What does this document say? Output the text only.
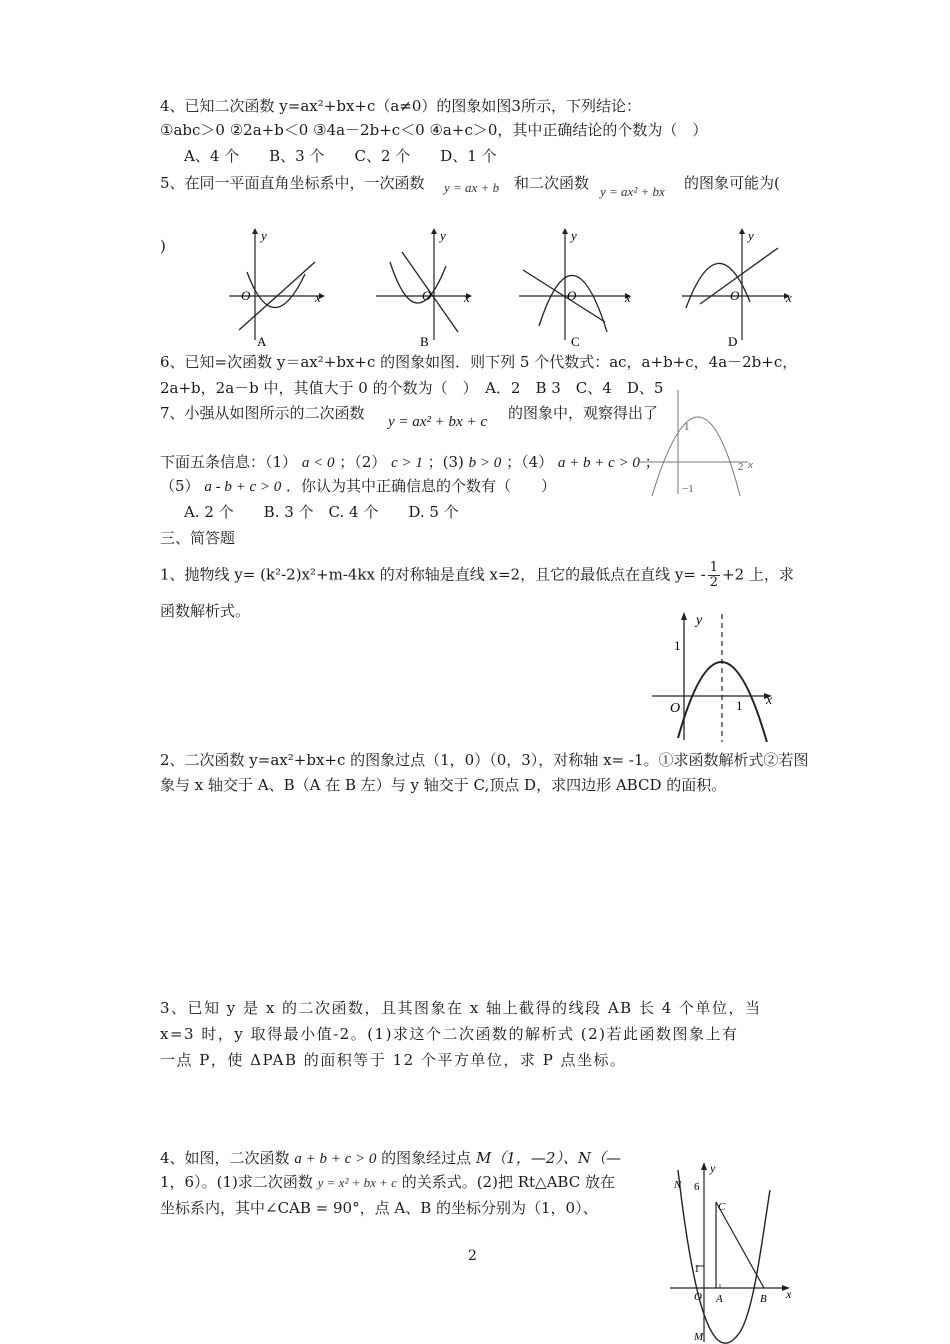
4、已知二次函数 y=ax²+bx+c（a≠0）的图象如图3所示，下列结论：
①abc＞0 ②2a+b＜0 ③4a－2b+c＜0 ④a+c＞0，其中正确结论的个数为（　）
A、4 个　　B、3 个　　C、2 个　　D、1 个
5、在同一平面直角坐标系中，一次函数 y = ax + b 和二次函数 y = ax² + bx 的图象可能为(
)
y
x
O
A
y
x
O
B
y
x
O
C
y
x
O
D
6、已知=次函数 y＝ax²+bx+c 的图象如图．则下列 5 个代数式：ac，a+b+c，4a－2b+c，
2a+b，2a－b 中，其值大于 0 的个数为（　）　A．2　B 3　C、4　D、5
1
−1
2 x
7、小强从如图所示的二次函数 y = ax² + bx + c 的图象中，观察得出了
下面五条信息：（1） a < 0 ；（2） c > 1 ；(3) b > 0 ；（4） a + b + c > 0 ；
（5） a - b + c > 0 ．你认为其中正确信息的个数有（　　）
A. 2 个　　B. 3 个　C. 4 个　　D. 5 个
三、简答题
1、抛物线 y= (k²-2)x²+m-4kx 的对称轴是直线 x=2，且它的最低点在直线 $y= - \frac{1}{2} +2$ 上，求
函数解析式。
y
x
O
1
1
2、二次函数 y=ax²+bx+c 的图象过点（1，0）（0，3），对称轴 x= -1。①求函数解析式②若图
象与 x 轴交于 A、B（A 在 B 左）与 y 轴交于 C,顶点 D，求四边形 ABCD 的面积。
3、已知 y 是 x 的二次函数，且其图象在 x 轴上截得的线段 AB 长 4 个单位，当
x=3 时，y 取得最小值-2。(1)求这个二次函数的解析式 (2)若此函数图象上有
一点 P，使 ΔPAB 的面积等于 12 个平方单位，求 P 点坐标。
4、如图，二次函数 a + b + c > 0 的图象经过点 M（1，—2）、N（—
1，6）。(1)求二次函数 y = x² + bx + c 的关系式。(2)把 Rt△ABC 放在
坐标系内，其中∠CAB = 90°，点 A、B 的坐标分别为（1，0）、
y
x
O
N
M
C
A	B
6
1
2
